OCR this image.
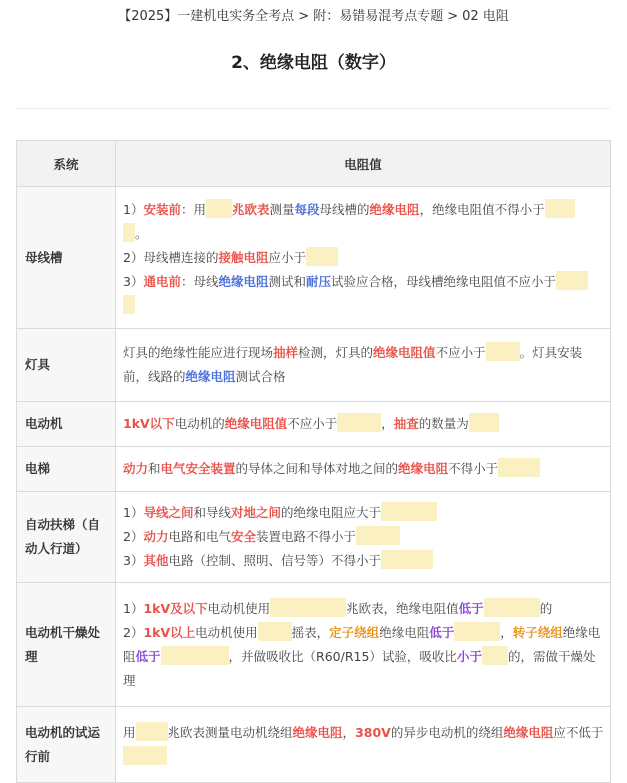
【2025】一建机电实务全考点 > 附：易错易混考点专题 > 02 电阻
2、绝缘电阻（数字）
系统	电阻值
母线槽	1）安装前：用 兆欧表测量每段母线槽的绝缘电阻，绝缘电阻值不得小于
。
2）母线槽连接的接触电阻应小于
3）通电前：母线绝缘电阻测试和耐压试验应合格，母线槽绝缘电阻值不应小于

灯具	灯具的绝缘性能应进行现场抽样检测，灯具的绝缘电阻值不应小于 。灯具安装前，线路的绝缘电阻测试合格
电动机	1kV以下电动机的绝缘电阻值不应小于 ，抽查的数量为
电梯	动力和电气安全装置的导体之间和导体对地之间的绝缘电阻不得小于
自动扶梯（自动人行道）	1）导线之间和导线对地之间的绝缘电阻应大于
2）动力电路和电气安全装置电路不得小于
3）其他电路（控制、照明、信号等）不得小于

电动机干燥处理	1）1kV及以下电动机使用 兆欧表，绝缘电阻值低于 的
2）1kV以上电动机使用 摇表，定子绕组绝缘电阻低于 ，转子绕组绝缘电阻低于 ，并做吸收比（R60/R15）试验，吸收比小于 的，需做干燥处理

电动机的试运行前	用 兆欧表测量电动机绕组绝缘电阻，380V的异步电动机的绕组绝缘电阻应不低于
